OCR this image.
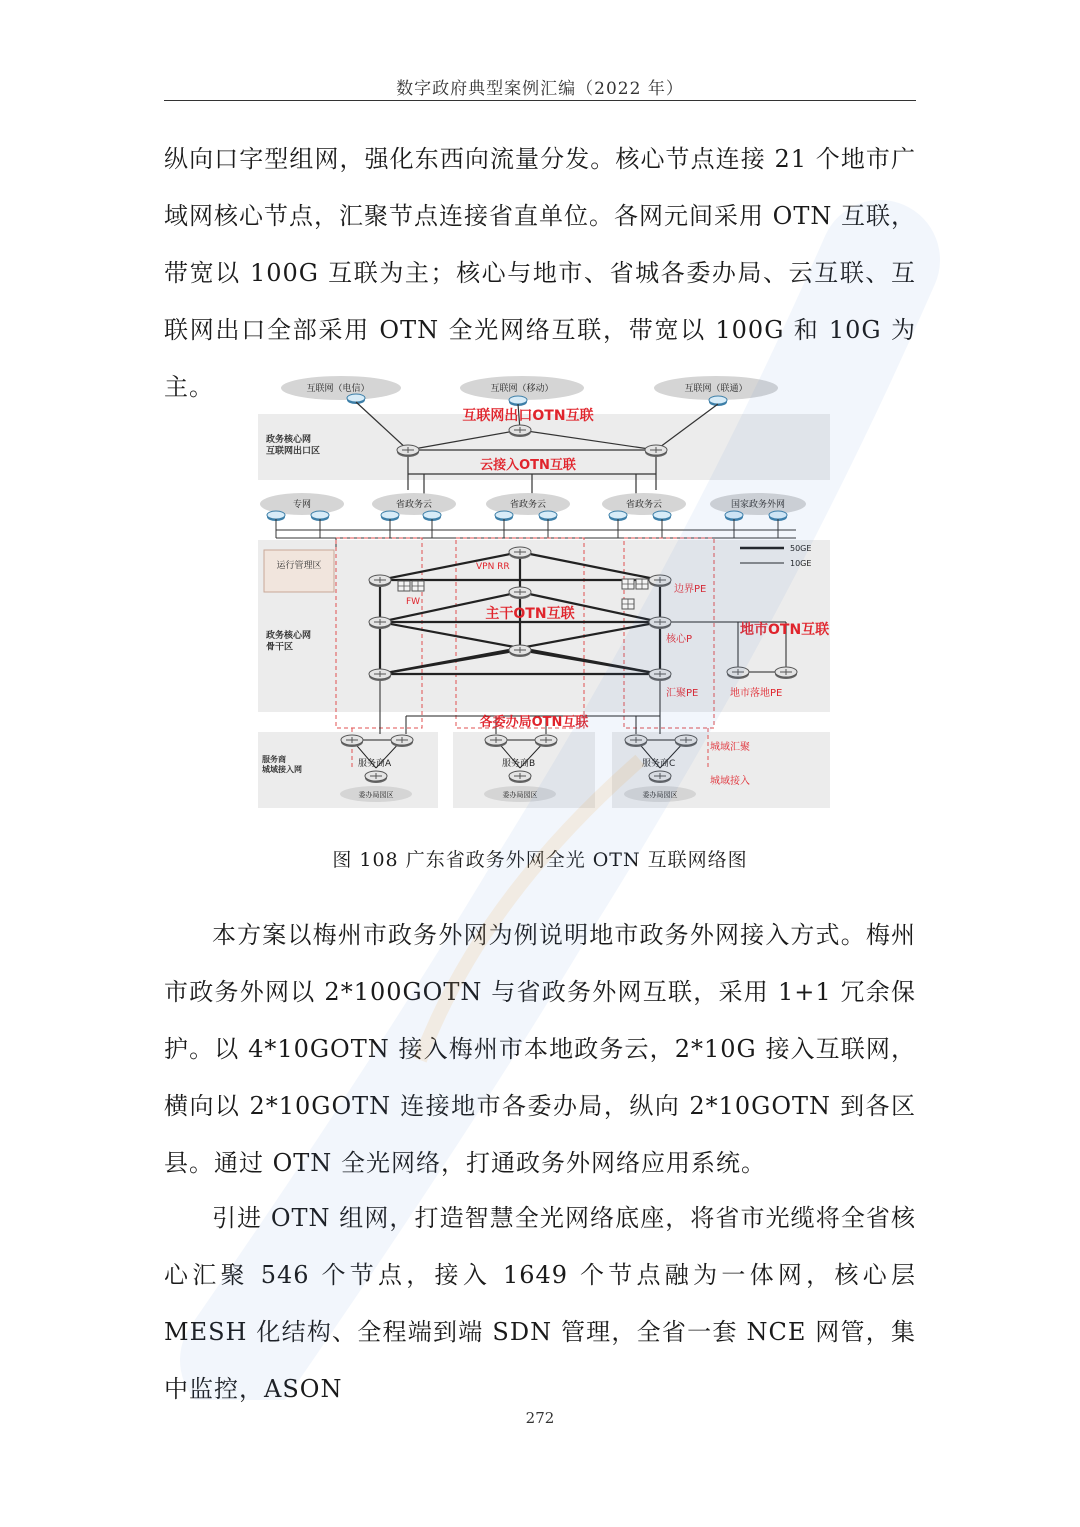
数字政府典型案例汇编（2022 年）
纵向口字型组网，强化东西向流量分发。核心节点连接 21 个地市广域网核心节点，汇聚节点连接省直单位。各网元间采用 OTN 互联，带宽以 100G 互联为主；核心与地市、省城各委办局、云互联、互联网出口全部采用 OTN 全光网络互联，带宽以 100G 和 10G 为主。
运行管理区
政务核心网互联网出口区
政务核心网骨干区
服务商城域接入网
互联网（电信）	互联网（移动）	互联网（联通）
互联网出口OTN互联
云接入OTN互联
专网	省政务云	省政务云	省政务云	国家政务外网
50GE
10GE
VPN RR
FW
边界PE
核心P
汇聚PE	地市落地PE
城域汇聚
城域接入
主干OTN互联
地市OTN互联
各委办局OTN互联
服务商A	服务商B	服务商C
委办局园区	委办局园区	委办局园区
图 108 广东省政务外网全光 OTN 互联网络图
本方案以梅州市政务外网为例说明地市政务外网接入方式。梅州市政务外网以 2*100GOTN 与省政务外网互联，采用 1+1 冗余保护。以 4*10GOTN 接入梅州市本地政务云，2*10G 接入互联网，横向以 2*10GOTN 连接地市各委办局，纵向 2*10GOTN 到各区县。通过 OTN 全光网络，打通政务外网络应用系统。
引进 OTN 组网，打造智慧全光网络底座，将省市光缆将全省核心汇聚 546 个节点，接入 1649 个节点融为一体网，核心层 MESH 化结构、全程端到端 SDN 管理，全省一套 NCE 网管，集中监控，ASON
272
